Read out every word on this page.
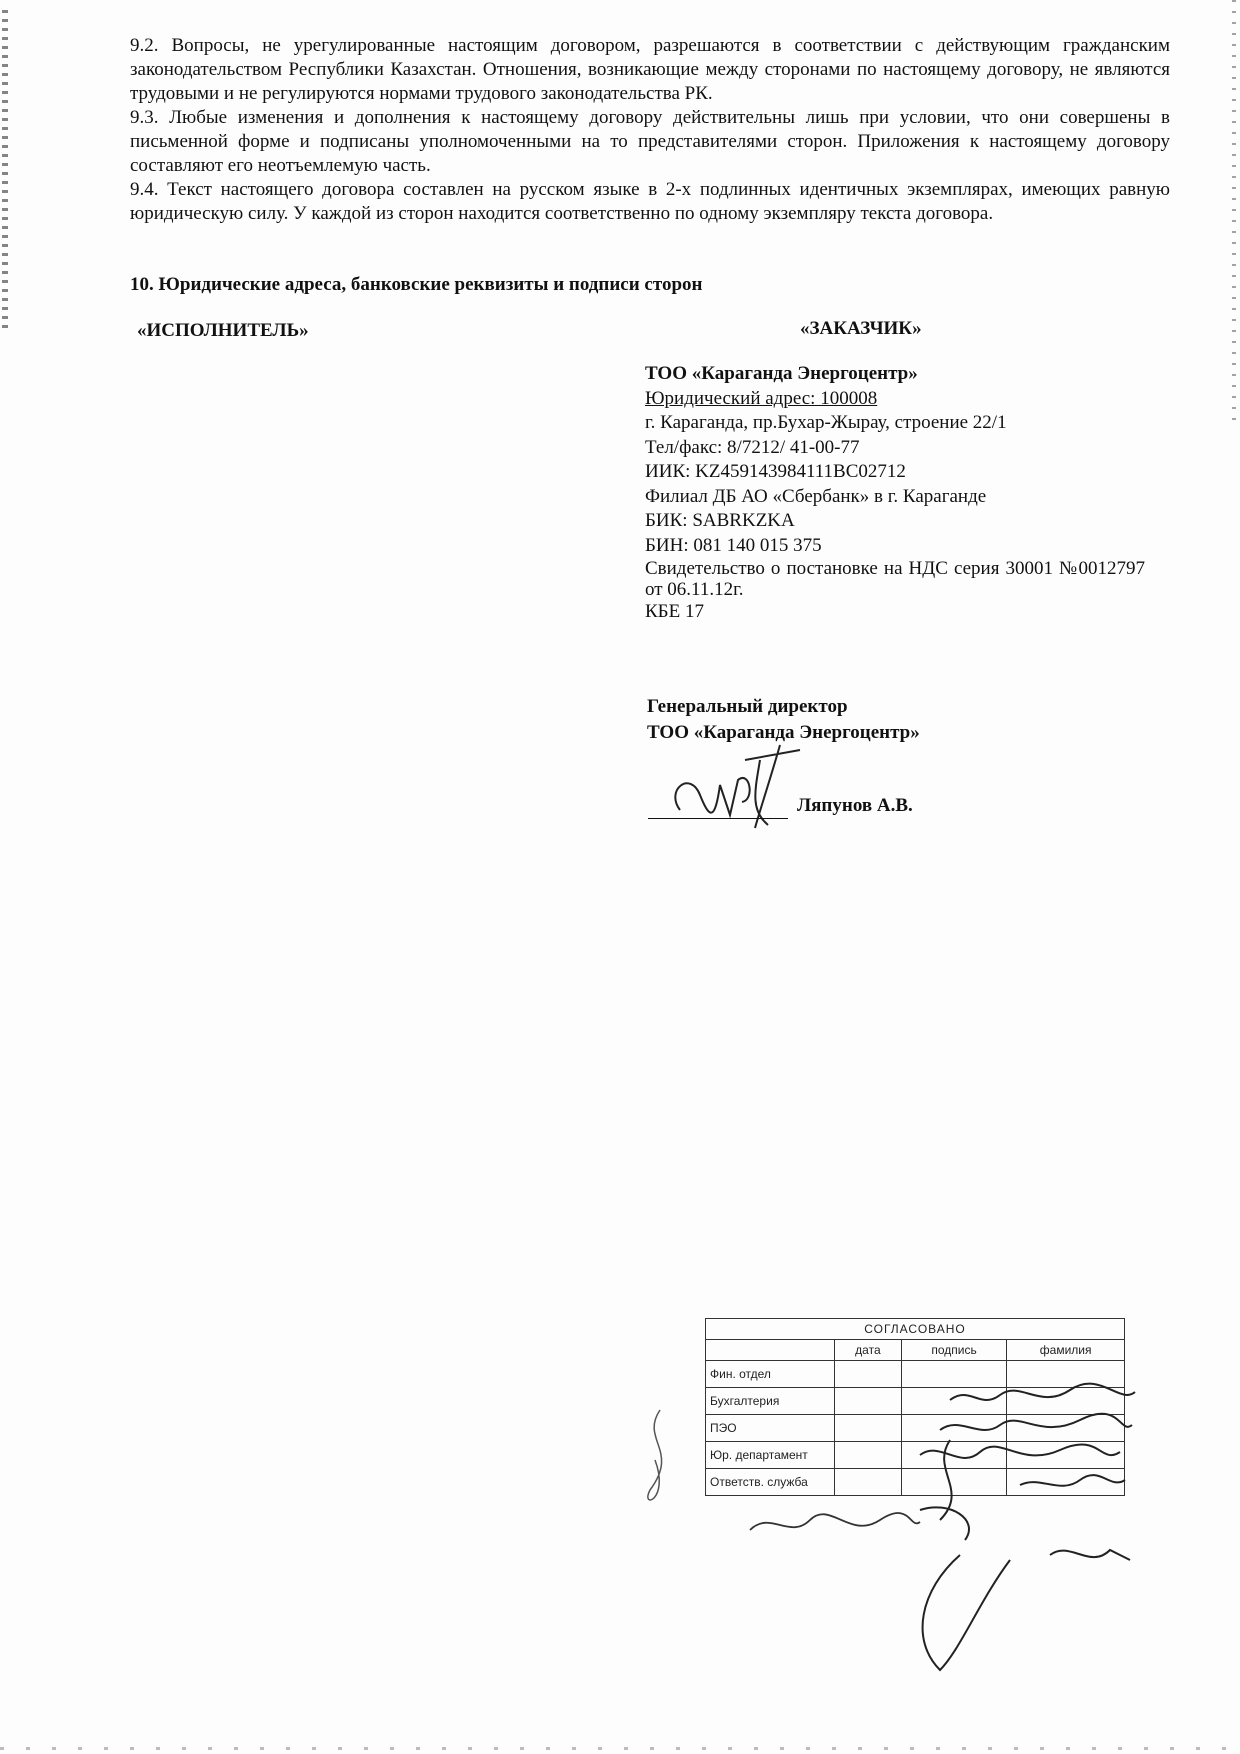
9.2. Вопросы, не урегулированные настоящим договором, разрешаются в соответствии с действующим гражданским законодательством Республики Казахстан. Отношения, возникающие между сторонами по настоящему договору, не являются трудовыми и не регулируются нормами трудового законодательства РК.

9.3. Любые изменения и дополнения к настоящему договору действительны лишь при условии, что они совершены в письменной форме и подписаны уполномоченными на то представителями сторон. Приложения к настоящему договору составляют его неотъемлемую часть.

9.4. Текст настоящего договора составлен на русском языке в 2-х подлинных идентичных экземплярах, имеющих равную юридическую силу. У каждой из сторон находится соответственно по одному экземпляру текста договора.

10. Юридические адреса, банковские реквизиты и подписи сторон
«ИСПОЛНИТЕЛЬ»	«ЗАКАЗЧИК»
ТОО «Караганда Энергоцентр»
Юридический адрес: 100008
г. Караганда, пр.Бухар-Жырау, строение 22/1
Тел/факс: 8/7212/ 41-00-77
ИИК: KZ459143984111BC02712
Филиал ДБ АО «Сбербанк» в г. Караганде
БИК: SABRKZKA
БИН: 081 140 015 375
Свидетельство о постановке на НДС серия 30001 №0012797 от 06.11.12г.
КБЕ 17
Генеральный директор
ТОО «Караганда Энергоцентр»
Ляпунов А.В.
СОГЛАСОВАНО			
	дата	подпись	фамилия
Фин. отдел			
Бухгалтерия			
ПЭО			
Юр. департамент			
Ответств. служба			
